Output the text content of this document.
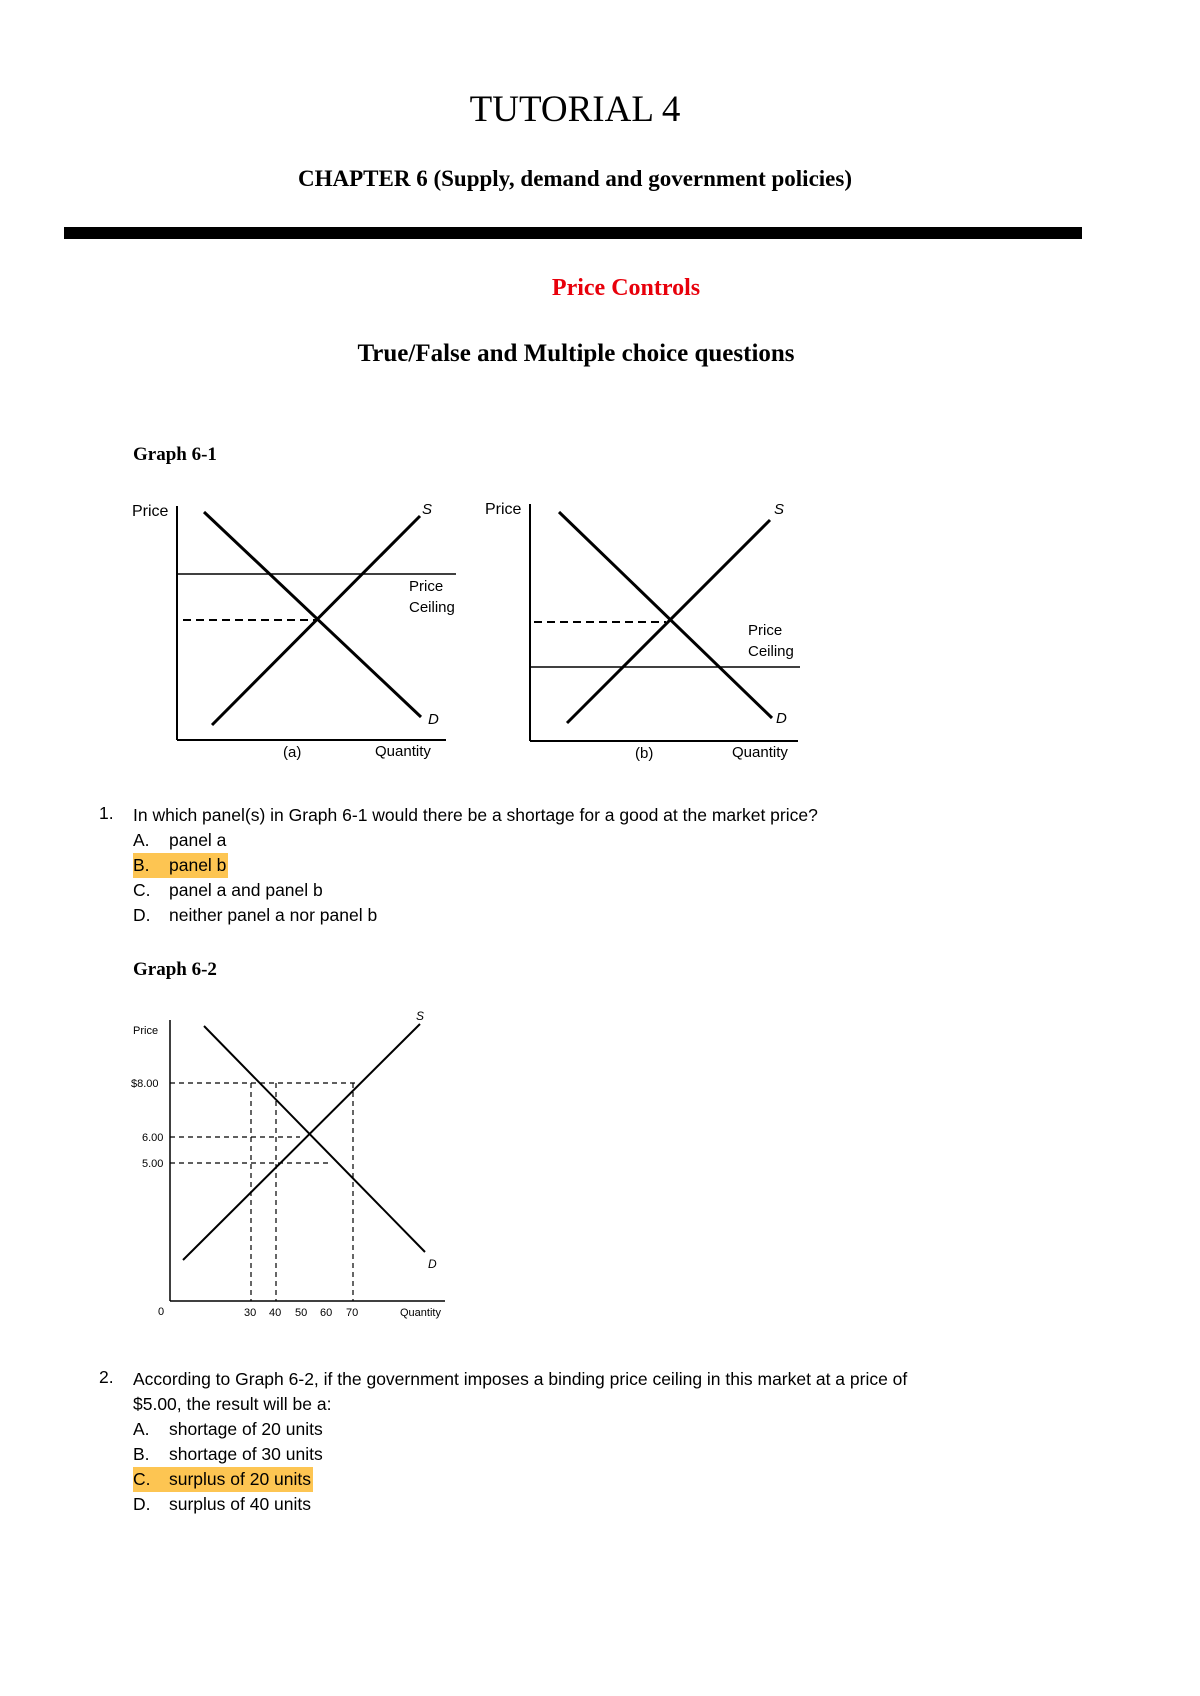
TUTORIAL 4
CHAPTER 6 (Supply, demand and government policies)
Price Controls
True/False and Multiple choice questions
Graph 6-1
Price	S
D
Price
Ceiling
(a)	Quantity
Price	S
D
Price
Ceiling
(b)	Quantity
1. In which panel(s) in Graph 6-1 would there be a shortage for a good at the market price?
A. panel a
B. panel b
C. panel a and panel b
D. neither panel a nor panel b
Graph 6-2
Price
$8.00
6.00
5.00
0	30 40 50 60 70	Quantity
S
D
2. According to Graph 6-2, if the government imposes a binding price ceiling in this market at a price of
$5.00, the result will be a:
A. shortage of 20 units
B. shortage of 30 units
C. surplus of 20 units
D. surplus of 40 units
